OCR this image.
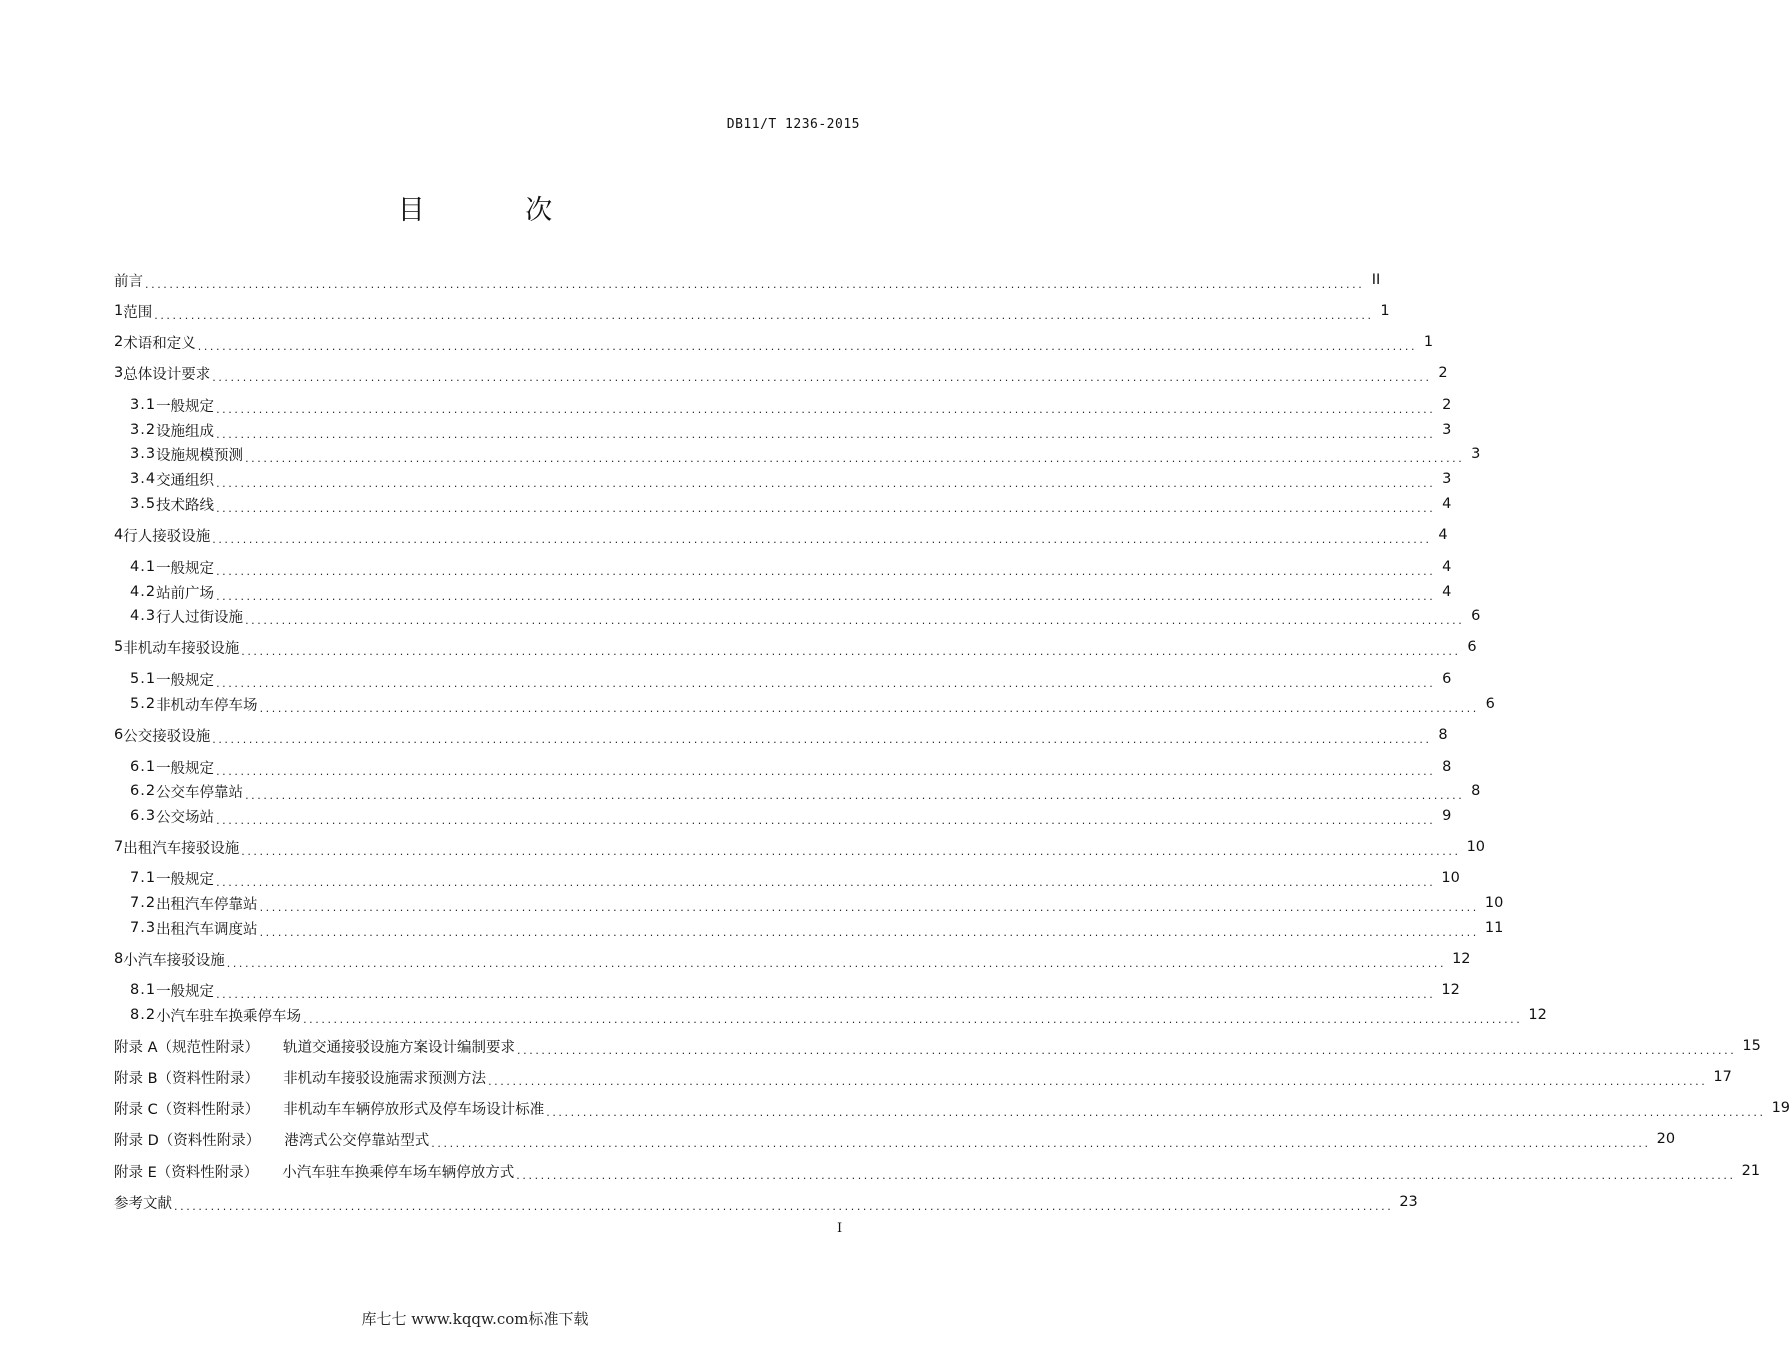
DB11/T 1236-2015
目 次
前言 ........................................................................................................................................................................................................ II
1 范围 ........................................................................................................................................................................................................ 1
2 术语和定义 ........................................................................................................................................................................................................ 1
3 总体设计要求 ........................................................................................................................................................................................................ 2
3.1 一般规定 ........................................................................................................................................................................................................ 2
3.2 设施组成 ........................................................................................................................................................................................................ 3
3.3 设施规模预测 ........................................................................................................................................................................................................ 3
3.4 交通组织 ........................................................................................................................................................................................................ 3
3.5 技术路线 ........................................................................................................................................................................................................ 4
4 行人接驳设施 ........................................................................................................................................................................................................ 4
4.1 一般规定 ........................................................................................................................................................................................................ 4
4.2 站前广场 ........................................................................................................................................................................................................ 4
4.3 行人过街设施 ........................................................................................................................................................................................................ 6
5 非机动车接驳设施 ........................................................................................................................................................................................................ 6
5.1 一般规定 ........................................................................................................................................................................................................ 6
5.2 非机动车停车场 ........................................................................................................................................................................................................ 6
6 公交接驳设施 ........................................................................................................................................................................................................ 8
6.1 一般规定 ........................................................................................................................................................................................................ 8
6.2 公交车停靠站 ........................................................................................................................................................................................................ 8
6.3 公交场站 ........................................................................................................................................................................................................ 9
7 出租汽车接驳设施 ........................................................................................................................................................................................................ 10
7.1 一般规定 ........................................................................................................................................................................................................ 10
7.2 出租汽车停靠站 ........................................................................................................................................................................................................ 10
7.3 出租汽车调度站 ........................................................................................................................................................................................................ 11
8 小汽车接驳设施 ........................................................................................................................................................................................................ 12
8.1 一般规定 ........................................................................................................................................................................................................ 12
8.2 小汽车驻车换乘停车场 ........................................................................................................................................................................................................ 12
附录 A（规范性附录） 轨道交通接驳设施方案设计编制要求 ........................................................................................................................................................................................................ 15
附录 B（资料性附录） 非机动车接驳设施需求预测方法 ........................................................................................................................................................................................................ 17
附录 C（资料性附录） 非机动车车辆停放形式及停车场设计标准 ........................................................................................................................................................................................................ 19
附录 D（资料性附录） 港湾式公交停靠站型式 ........................................................................................................................................................................................................ 20
附录 E（资料性附录） 小汽车驻车换乘停车场车辆停放方式 ........................................................................................................................................................................................................ 21
参考文献 ........................................................................................................................................................................................................ 23
I
库七七 www.kqqw.com标准下载
